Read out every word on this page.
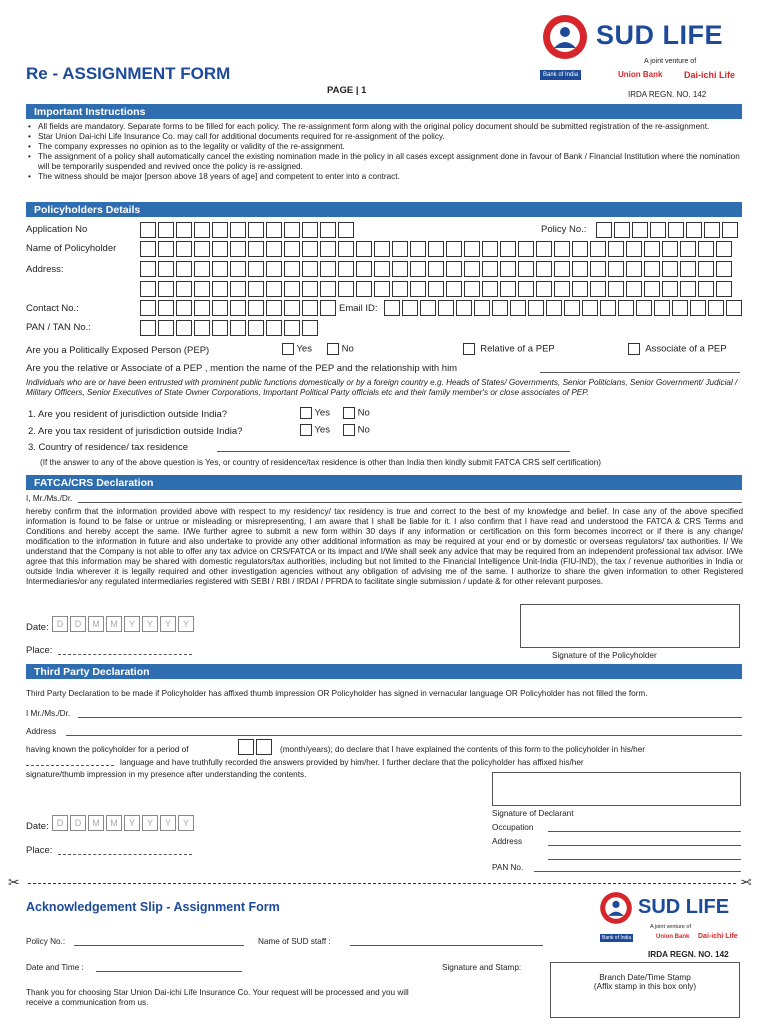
Re - ASSIGNMENT FORM
PAGE | 1
SUD LIFE
A joint venture of
Bank of India	Union Bank Dai-ichi Life
IRDA REGN. NO. 142
Important Instructions
• All fields are mandatory. Separate forms to be filled for each policy. The re-assignment form along with the original policy document should be submitted registration of the re-assignment.
• Star Union Dai-ichi Life Insurance Co. may call for additional documents required for re-assignment of the policy.
• The company expresses no opinion as to the legality or validity of the re-assignment.
• The assignment of a policy shall automatically cancel the existing nomination made in the policy in all cases except assignment done in favour of Bank / Financial Institution where the nomination will be temporarily suspended and revived once the policy is re-assigned.
• The witness should be major [person above 18 years of age] and competent to enter into a contract.
Policyholders Details
Application No	Policy No.:
Name of Policyholder
Address:
Contact No.:	Email ID:
PAN / TAN No.:
Are you a Politically Exposed Person (PEP)	Yes	No	Relative of a PEP	Associate of a PEP
Are you the relative or Associate of a PEP , mention the name of the PEP and the relationship with him
Individuals who are or have been entrusted with prominent public functions domestically or by a foreign country e.g. Heads of States/ Governments, Senior Politicians, Senior Government/ Judicial / Military Officers, Senior Executives of State Owner Corporations, Important Political Party officials etc and their family member's or close associates of PEP.
1. Are you resident of jurisdiction outside India?	Yes	No
2. Are you tax resident of jurisdiction outside India?	Yes	No
3. Country of residence/ tax residence
(If the answer to any of the above question is Yes, or country of residence/tax residence is other than India then kindly submit FATCA CRS self certification)
FATCA/CRS Declaration
I, Mr./Ms./Dr.
hereby confirm that the information provided above with respect to my residency/ tax residency is true and correct to the best of my knowledge and belief. In case any of the above specified information is found to be false or untrue or misleading or misrepresenting, I am aware that I shall be liable for it. I also confirm that I have read and understood the FATCA & CRS Terms and Conditions and hereby accept the same. I/We further agree to submit a new form within 30 days if any information or certification on this form becomes incorrect or if there is any change/ modification to the information in future and also undertake to provide any other additional information as may be required at your end or by domestic or overseas regulators/ tax authorities. I/ We understand that the Company is not able to offer any tax advice on CRS/FATCA or its impact and I/We shall seek any advice that may be required from an independent professional tax advisor. I/We agree that this information may be shared with domestic regulators/tax authorities, including but not limited to the Financial Intelligence Unit-India (FIU-IND), the tax / revenue authorities in India or outside India wherever it is legally required and other investigation agencies without any obligation of advising me of the same. I authorize to share the given information to other Registered Intermediaries/or any regulated intermediaries registered with SEBI / RBI / IRDAI / PFRDA to facilitate single submission / update & for other relevant purposes.
Date: D	D	M	M	Y	Y	Y	Y
Place:	Signature of the Policyholder
Third Party Declaration
Third Party Declaration to be made if Policyholder has affixed thumb impression OR Policyholder has signed in vernacular language OR Policyholder has not filled the form.
I Mr./Ms./Dr.
Address
having known the policyholder for a period of	(month/years); do declare that I have explained the contents of this form to the policyholder in his/her
language and have truthfully recorded the answers provided by him/her. I further declare that the policyholder has affixed his/her
signature/thumb impression in my presence after understanding the contents.
Signature of Declarant
Occupation
Address
PAN No.
Date: D	D	M	M	Y	Y	Y	Y
Place:
✂	✂
Acknowledgement Slip - Assignment Form	SUD LIFE
A joint venture of
Bank of India	Union Bank Dai-ichi Life
Policy No.:	Name of SUD staff :
IRDA REGN. NO. 142
Date and Time :	Signature and Stamp:
Branch Date/Time Stamp
(Affix stamp in this box only)
Thank you for choosing Star Union Dai-ichi Life Insurance Co. Your request will be processed and you will receive a communication from us.
